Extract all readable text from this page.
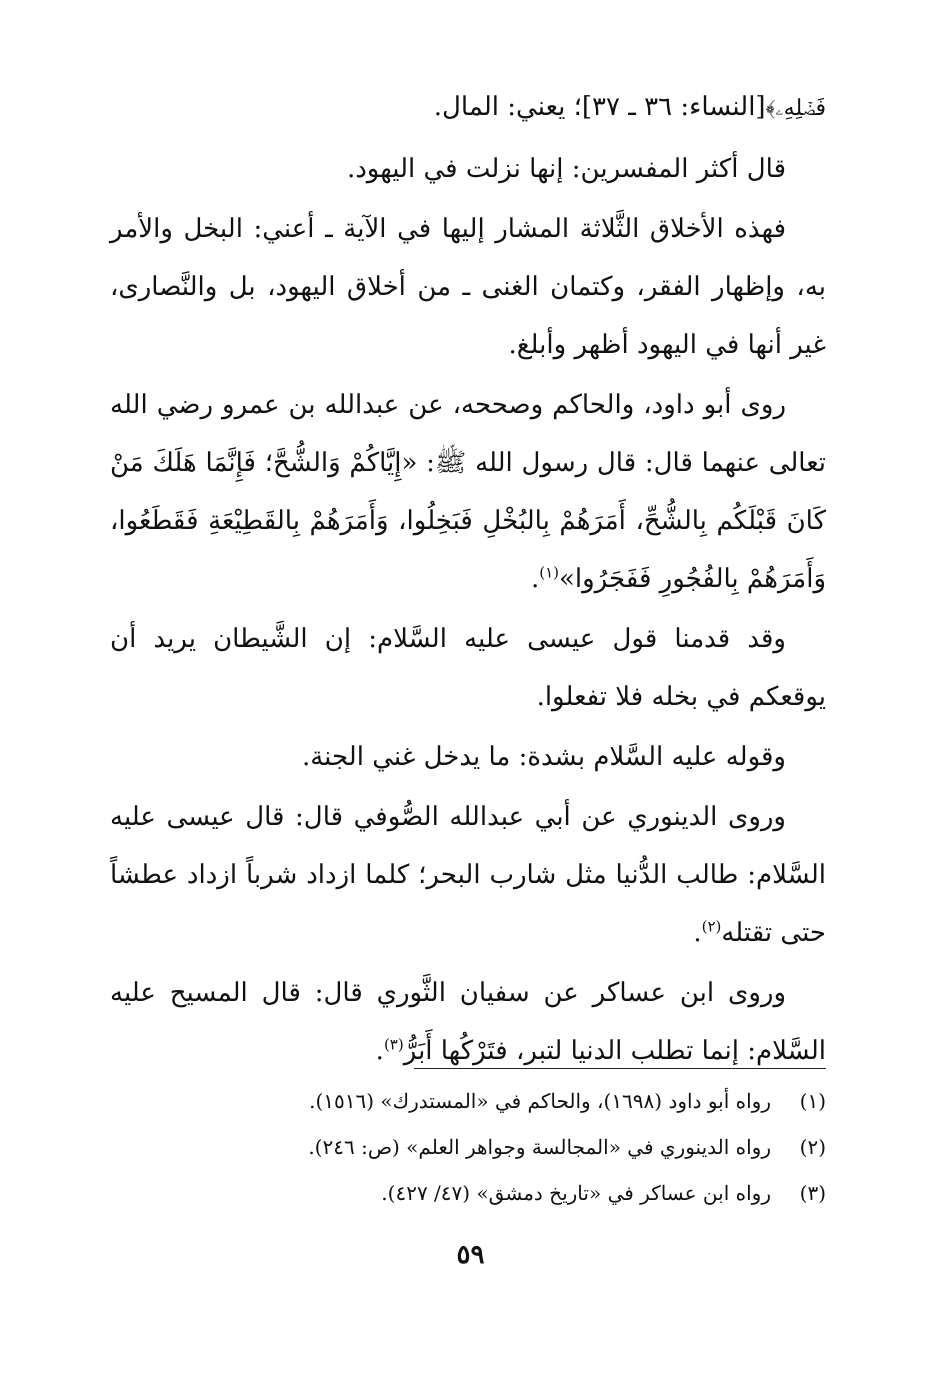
فَضۡلِهِۦ﴾[النساء: ٣٦ ـ ٣٧]؛ يعني: المال.

قال أكثر المفسرين: إنها نزلت في اليهود.

فهذه الأخلاق الثَّلاثة المشار إليها في الآية ـ أعني: البخل والأمر به، وإظهار الفقر، وكتمان الغنى ـ من أخلاق اليهود، بل والنَّصارى، غير أنها في اليهود أظهر وأبلغ.

روى أبو داود، والحاكم وصححه، عن عبدالله بن عمرو رضي الله تعالى عنهما قال: قال رسول الله ﷺ: «إِيَّاكُمْ وَالشُّحَّ؛ فَإِنَّمَا هَلَكَ مَنْ كَانَ قَبْلَكُم بِالشُّحِّ، أَمَرَهُمْ بِالبُخْلِ فَبَخِلُوا، وَأَمَرَهُمْ بِالقَطِيْعَةِ فَقَطَعُوا، وَأَمَرَهُمْ بِالفُجُورِ فَفَجَرُوا»$^{(١)}$.

وقد قدمنا قول عيسى عليه السَّلام: إن الشَّيطان يريد أن يوقعكم في بخله فلا تفعلوا.

وقوله عليه السَّلام بشدة: ما يدخل غني الجنة.

وروى الدينوري عن أبي عبدالله الصُّوفي قال: قال عيسى عليه السَّلام: طالب الدُّنيا مثل شارب البحر؛ كلما ازداد شرباً ازداد عطشاً حتى تقتله$^{(٢)}$.

وروى ابن عساكر عن سفيان الثَّوري قال: قال المسيح عليه السَّلام: إنما تطلب الدنيا لتبر، فتَرْكُها أَبَرُّ$^{(٣)}$.

(١)
رواه أبو داود (١٦٩٨)، والحاكم في «المستدرك» (١٥١٦).
(٢)
رواه الدينوري في «المجالسة وجواهر العلم» (ص: ٢٤٦).
(٣)
رواه ابن عساكر في «تاريخ دمشق» (٤٧/ ٤٢٧).
٥٩
